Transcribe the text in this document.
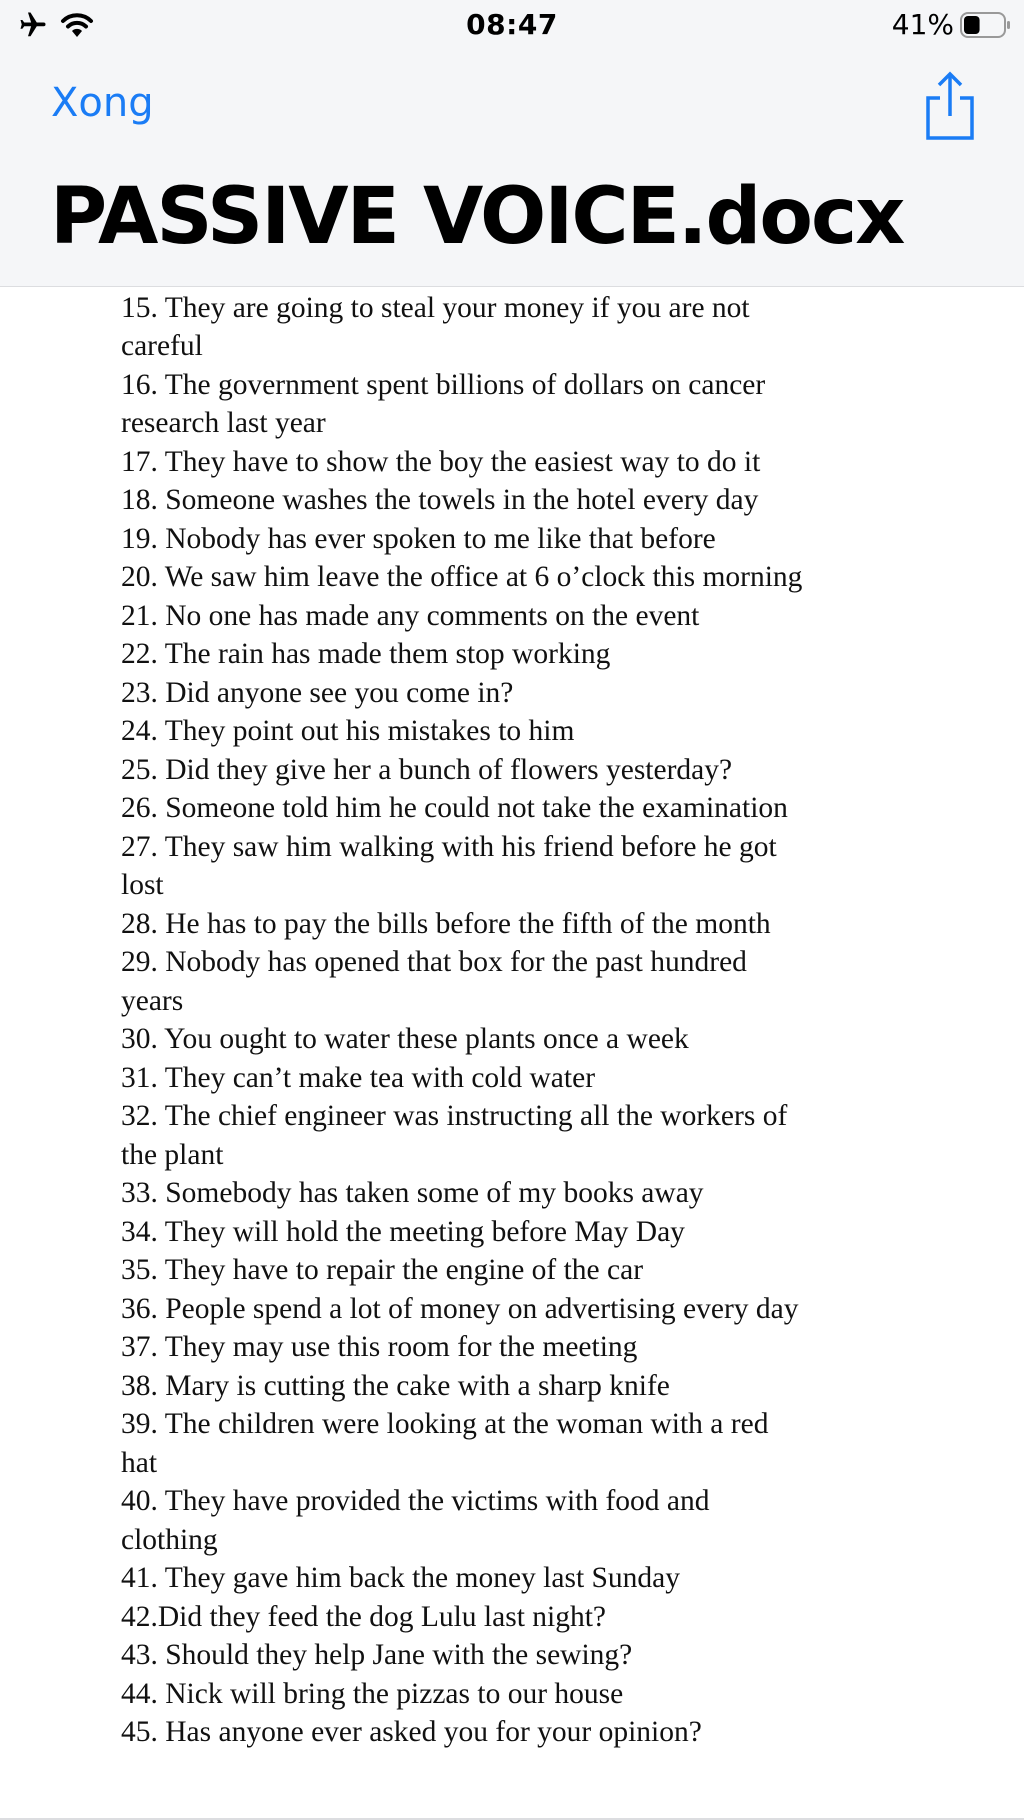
15. They are going to steal your money if you are not
careful
16. The government spent billions of dollars on cancer
research last year
17. They have to show the boy the easiest way to do it
18. Someone washes the towels in the hotel every day
19. Nobody has ever spoken to me like that before
20. We saw him leave the office at 6 o’clock this morning
21. No one has made any comments on the event
22. The rain has made them stop working
23. Did anyone see you come in?
24. They point out his mistakes to him
25. Did they give her a bunch of flowers yesterday?
26. Someone told him he could not take the examination
27. They saw him walking with his friend before he got
lost
28. He has to pay the bills before the fifth of the month
29. Nobody has opened that box for the past hundred
years
30. You ought to water these plants once a week
31. They can’t make tea with cold water
32. The chief engineer was instructing all the workers of
the plant
33. Somebody has taken some of my books away
34. They will hold the meeting before May Day
35. They have to repair the engine of the car
36. People spend a lot of money on advertising every day
37. They may use this room for the meeting
38. Mary is cutting the cake with a sharp knife
39. The children were looking at the woman with a red
hat
40. They have provided the victims with food and
clothing
41. They gave him back the money last Sunday
42.Did they feed the dog Lulu last night?
43. Should they help Jane with the sewing?
44. Nick will bring the pizzas to our house
45. Has anyone ever asked you for your opinion?
08:47	41%
Xong
PASSIVE VOICE.docx
